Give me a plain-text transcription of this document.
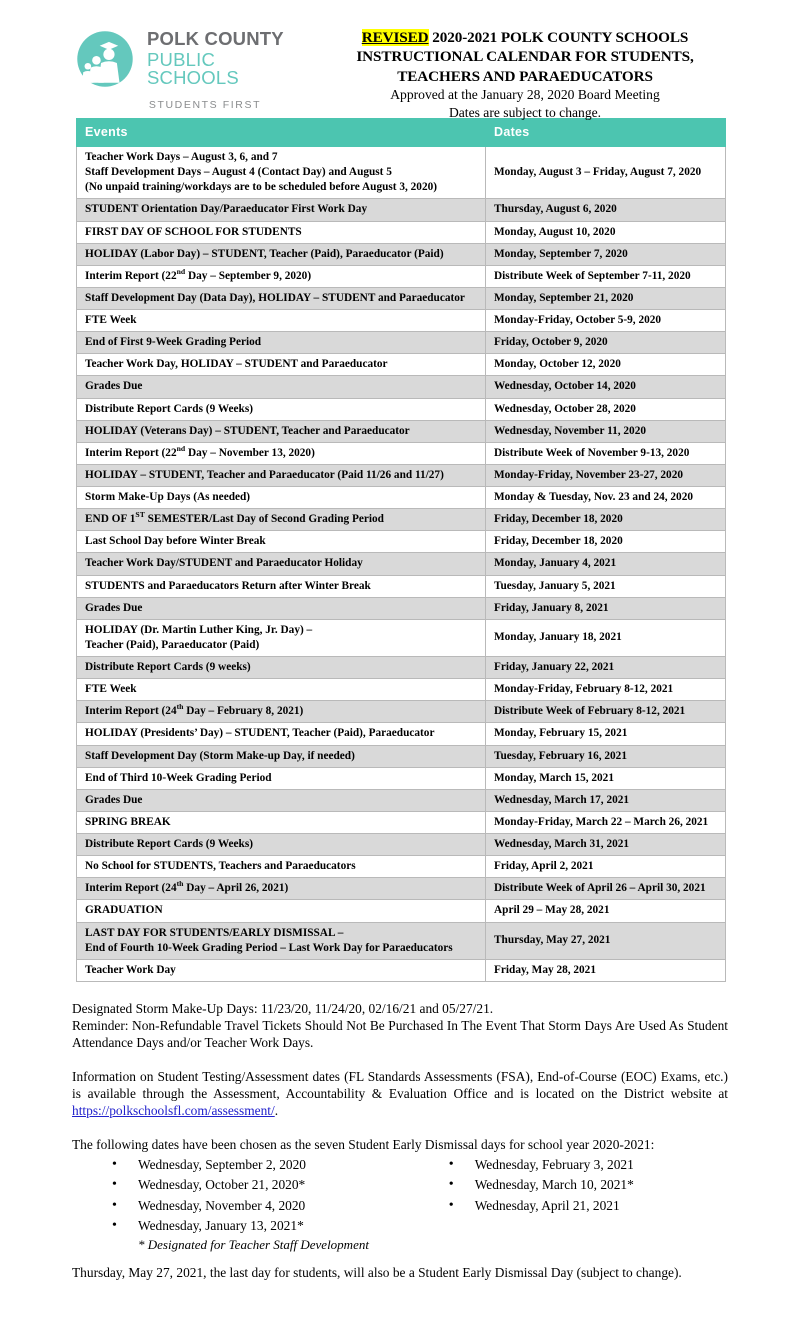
POLK COUNTY
PUBLIC SCHOOLS
STUDENTS FIRST
REVISED 2020-2021 POLK COUNTY SCHOOLS
INSTRUCTIONAL CALENDAR FOR STUDENTS,
TEACHERS AND PARAEDUCATORS
Approved at the January 28, 2020 Board Meeting
Dates are subject to change.
Events	Dates
Teacher Work Days – August 3, 6, and 7
Staff Development Days – August 4 (Contact Day) and August 5
(No unpaid training/workdays are to be scheduled before August 3, 2020)	Monday, August 3 – Friday, August 7, 2020
STUDENT Orientation Day/Paraeducator First Work Day	Thursday, August 6, 2020
FIRST DAY OF SCHOOL FOR STUDENTS	Monday, August 10, 2020
HOLIDAY (Labor Day) – STUDENT, Teacher (Paid), Paraeducator (Paid)	Monday, September 7, 2020
Interim Report (22nd Day – September 9, 2020)	Distribute Week of September 7-11, 2020
Staff Development Day (Data Day), HOLIDAY – STUDENT and Paraeducator	Monday, September 21, 2020
FTE Week	Monday-Friday, October 5-9, 2020
End of First 9-Week Grading Period	Friday, October 9, 2020
Teacher Work Day, HOLIDAY – STUDENT and Paraeducator	Monday, October 12, 2020
Grades Due	Wednesday, October 14, 2020
Distribute Report Cards (9 Weeks)	Wednesday, October 28, 2020
HOLIDAY (Veterans Day) – STUDENT, Teacher and Paraeducator	Wednesday, November 11, 2020
Interim Report (22nd Day – November 13, 2020)	Distribute Week of November 9-13, 2020
HOLIDAY – STUDENT, Teacher and Paraeducator (Paid 11/26 and 11/27)	Monday-Friday, November 23-27, 2020
Storm Make-Up Days (As needed)	Monday & Tuesday, Nov. 23 and 24, 2020
END OF 1ST SEMESTER/Last Day of Second Grading Period	Friday, December 18, 2020
Last School Day before Winter Break	Friday, December 18, 2020
Teacher Work Day/STUDENT and Paraeducator Holiday	Monday, January 4, 2021
STUDENTS and Paraeducators Return after Winter Break	Tuesday, January 5, 2021
Grades Due	Friday, January 8, 2021
HOLIDAY (Dr. Martin Luther King, Jr. Day) –
Teacher (Paid), Paraeducator (Paid)	Monday, January 18, 2021
Distribute Report Cards (9 weeks)	Friday, January 22, 2021
FTE Week	Monday-Friday, February 8-12, 2021
Interim Report (24th Day – February 8, 2021)	Distribute Week of February 8-12, 2021
HOLIDAY (Presidents’ Day) – STUDENT, Teacher (Paid), Paraeducator	Monday, February 15, 2021
Staff Development Day (Storm Make-up Day, if needed)	Tuesday, February 16, 2021
End of Third 10-Week Grading Period	Monday, March 15, 2021
Grades Due	Wednesday, March 17, 2021
SPRING BREAK	Monday-Friday, March 22 – March 26, 2021
Distribute Report Cards (9 Weeks)	Wednesday, March 31, 2021
No School for STUDENTS, Teachers and Paraeducators	Friday, April 2, 2021
Interim Report (24th Day – April 26, 2021)	Distribute Week of April 26 – April 30, 2021
GRADUATION	April 29 – May 28, 2021
LAST DAY FOR STUDENTS/EARLY DISMISSAL –
End of Fourth 10-Week Grading Period – Last Work Day for Paraeducators	Thursday, May 27, 2021
Teacher Work Day	Friday, May 28, 2021
Designated Storm Make-Up Days: 11/23/20, 11/24/20, 02/16/21 and 05/27/21.
Reminder: Non-Refundable Travel Tickets Should Not Be Purchased In The Event That Storm Days Are Used As Student Attendance Days and/or Teacher Work Days.
Information on Student Testing/Assessment dates (FL Standards Assessments (FSA), End-of-Course (EOC) Exams, etc.) is available through the Assessment, Accountability & Evaluation Office and is located on the District website at https://polkschoolsfl.com/assessment/.
The following dates have been chosen as the seven Student Early Dismissal days for school year 2020-2021:
• Wednesday, September 2, 2020
• Wednesday, October 21, 2020*
• Wednesday, November 4, 2020
• Wednesday, January 13, 2021*
• Wednesday, February 3, 2021
• Wednesday, March 10, 2021*
• Wednesday, April 21, 2021
* Designated for Teacher Staff Development
Thursday, May 27, 2021, the last day for students, will also be a Student Early Dismissal Day (subject to change).
